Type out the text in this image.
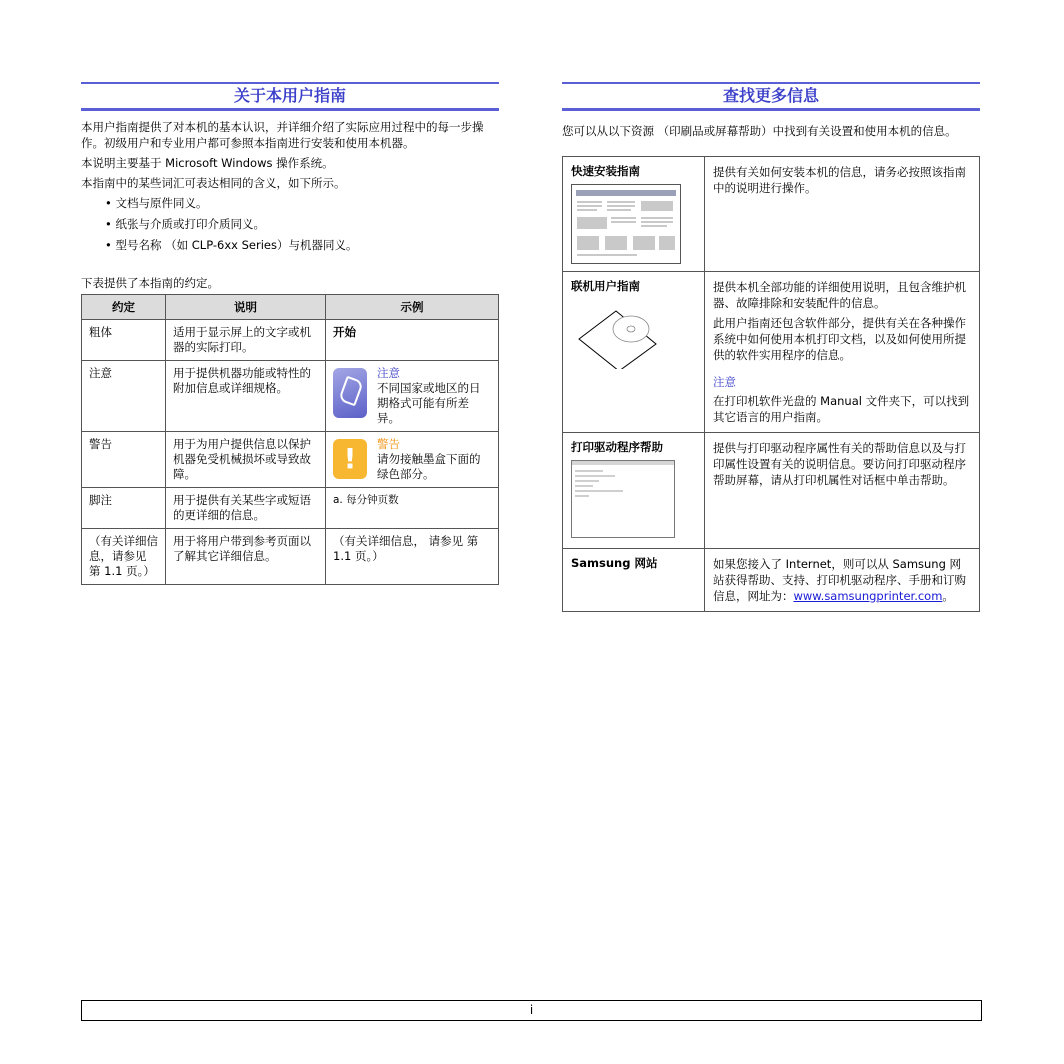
关于本用户指南

本用户指南提供了对本机的基本认识，并详细介绍了实际应用过程中的每一步操作。初级用户和专业用户都可参照本指南进行安装和使用本机器。

本说明主要基于 Microsoft Windows 操作系统。

本指南中的某些词汇可表达相同的含义，如下所示。

• 文档与原件同义。
• 纸张与介质或打印介质同义。
• 型号名称 （如 CLP-6xx Series）与机器同义。

下表提供了本指南的约定。

约定	说明	示例
粗体	适用于显示屏上的文字或机器的实际打印。	开始
注意	用于提供机器功能或特性的附加信息或详细规格。	注意
不同国家或地区的日期格式可能有所差异。

警告	用于为用户提供信息以保护机器免受机械损坏或导致故障。	! 警告
请勿接触墨盒下面的绿色部分。

脚注	用于提供有关某些字或短语的更详细的信息。	a. 每分钟页数
（有关详细信息，请参见 第 1.1 页。）	用于将用户带到参考页面以了解其它详细信息。	（有关详细信息， 请参见 第 1.1 页。）
查找更多信息

您可以从以下资源 （印刷品或屏幕帮助）中找到有关设置和使用本机的信息。

快速安装指南	提供有关如何安装本机的信息，请务必按照该指南中的说明进行操作。

联机用户指南	提供本机全部功能的详细使用说明，且包含维护机器、故障排除和安装配件的信息。

此用户指南还包含软件部分，提供有关在各种操作系统中如何使用本机打印文档，以及如何使用所提供的软件实用程序的信息。

注意

在打印机软件光盘的 Manual 文件夹下，可以找到其它语言的用户指南。

打印驱动程序帮助	提供与打印驱动程序属性有关的帮助信息以及与打印属性设置有关的说明信息。要访问打印驱动程序帮助屏幕，请从打印机属性对话框中单击帮助。

Samsung 网站	如果您接入了 Internet，则可以从 Samsung 网站获得帮助、支持、打印机驱动程序、手册和订购信息，网址为：www.samsungprinter.com。

i
